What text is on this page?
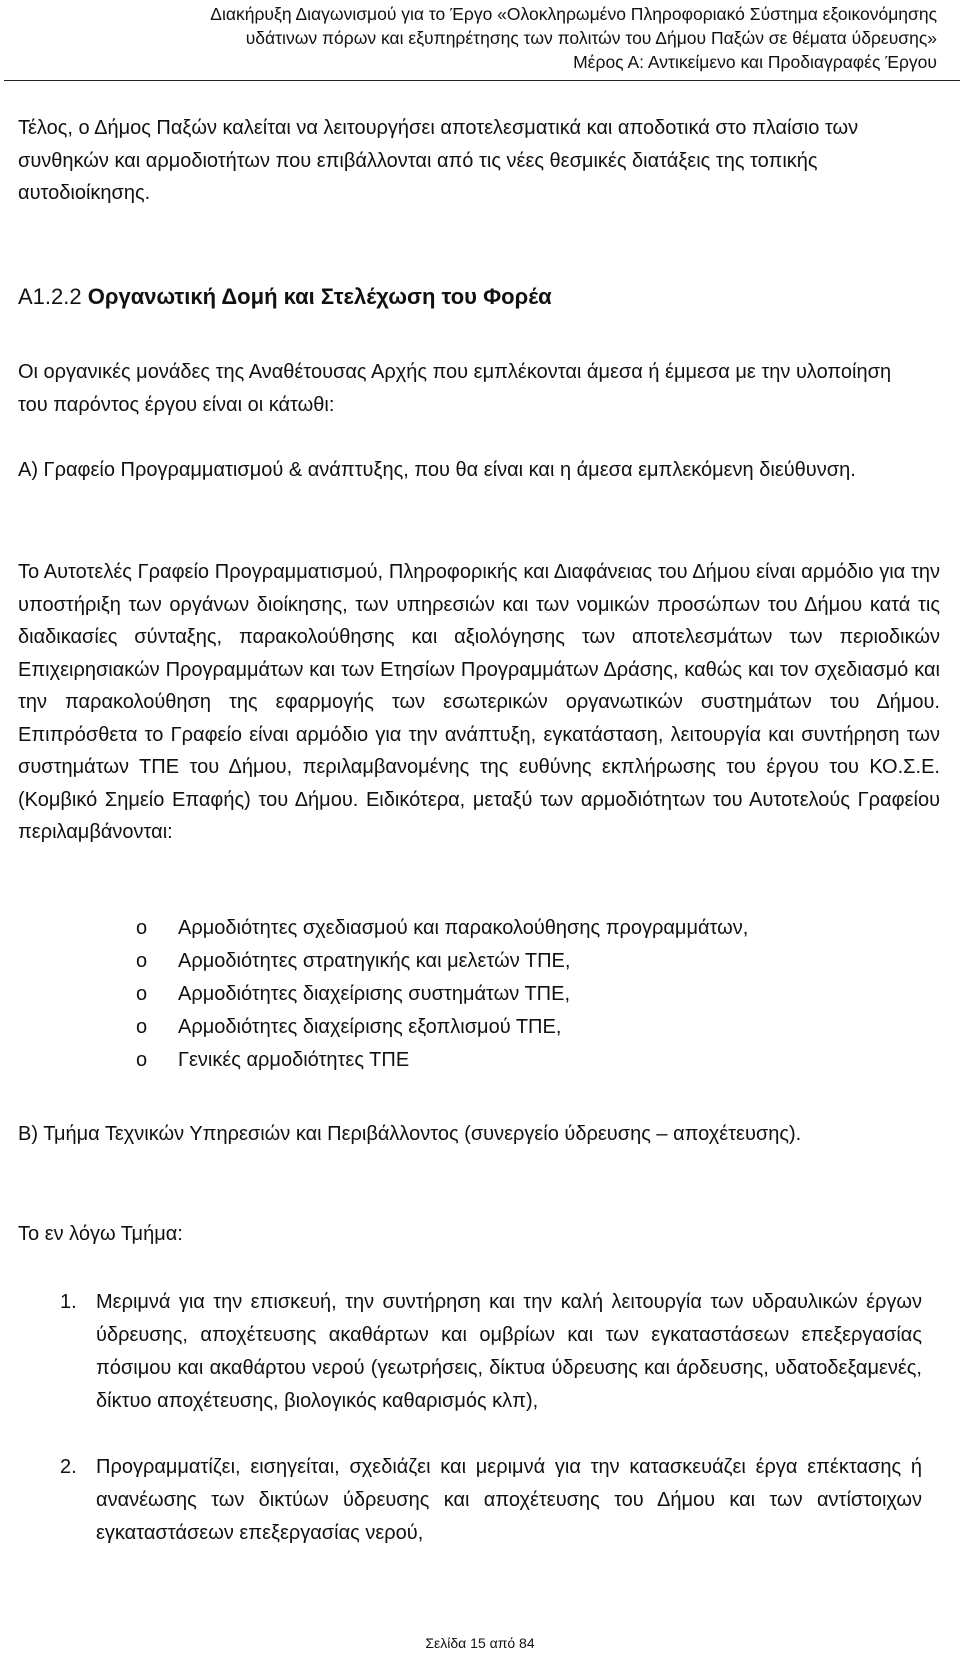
Διακήρυξη Διαγωνισμού για το Έργο «Ολοκληρωμένο Πληροφοριακό Σύστημα εξοικονόμησης
υδάτινων πόρων και εξυπηρέτησης των πολιτών του Δήμου Παξών σε θέματα ύδρευσης»
Μέρος Α: Αντικείμενο και Προδιαγραφές Έργου
Τέλος, ο Δήμος Παξών καλείται να λειτουργήσει αποτελεσματικά και αποδοτικά στο πλαίσιο των συνθηκών και αρμοδιοτήτων που επιβάλλονται από τις νέες θεσμικές διατάξεις της τοπικής αυτοδιοίκησης.
Α1.2.2 Οργανωτική Δομή και Στελέχωση του Φορέα
Οι οργανικές μονάδες της Αναθέτουσας Αρχής που εμπλέκονται άμεσα ή έμμεσα με την υλοποίηση του παρόντος έργου είναι οι κάτωθι:
Α) Γραφείο Προγραμματισμού & ανάπτυξης, που θα είναι και η άμεσα εμπλεκόμενη διεύθυνση.
Το Αυτοτελές Γραφείο Προγραμματισμού, Πληροφορικής και Διαφάνειας του Δήμου είναι αρμόδιο για την υποστήριξη των οργάνων διοίκησης, των υπηρεσιών και των νομικών προσώπων του Δήμου κατά τις διαδικασίες σύνταξης, παρακολούθησης και αξιολόγησης των αποτελεσμάτων των περιοδικών Επιχειρησιακών Προγραμμάτων και των Ετησίων Προγραμμάτων Δράσης, καθώς και τον σχεδιασμό και την παρακολούθηση της εφαρμογής των εσωτερικών οργανωτικών συστημάτων του Δήμου. Επιπρόσθετα το Γραφείο είναι αρμόδιο για την ανάπτυξη, εγκατάσταση, λειτουργία και συντήρηση των συστημάτων ΤΠΕ του Δήμου, περιλαμβανομένης της ευθύνης εκπλήρωσης του έργου του ΚΟ.Σ.Ε. (Κομβικό Σημείο Επαφής) του Δήμου. Ειδικότερα, μεταξύ των αρμοδιότητων του Αυτοτελούς Γραφείου περιλαμβάνονται:
o Αρμοδιότητες σχεδιασμού και παρακολούθησης προγραμμάτων,
o Αρμοδιότητες στρατηγικής και μελετών ΤΠΕ,
o Αρμοδιότητες διαχείρισης συστημάτων ΤΠΕ,
o Αρμοδιότητες διαχείρισης εξοπλισμού ΤΠΕ,
o Γενικές αρμοδιότητες ΤΠΕ
Β) Τμήμα Τεχνικών Υπηρεσιών και Περιβάλλοντος (συνεργείο ύδρευσης – αποχέτευσης).
Το εν λόγω Τμήμα:
1. Μεριμνά για την επισκευή, την συντήρηση και την καλή λειτουργία των υδραυλικών έργων ύδρευσης, αποχέτευσης ακαθάρτων και ομβρίων και των εγκαταστάσεων επεξεργασίας πόσιμου και ακαθάρτου νερού (γεωτρήσεις, δίκτυα ύδρευσης και άρδευσης, υδατοδεξαμενές, δίκτυο αποχέτευσης, βιολογικός καθαρισμός κλπ),
2. Προγραμματίζει, εισηγείται, σχεδιάζει και μεριμνά για την κατασκευάζει έργα επέκτασης ή ανανέωσης των δικτύων ύδρευσης και αποχέτευσης του Δήμου και των αντίστοιχων εγκαταστάσεων επεξεργασίας νερού,
Σελίδα 15 από 84
